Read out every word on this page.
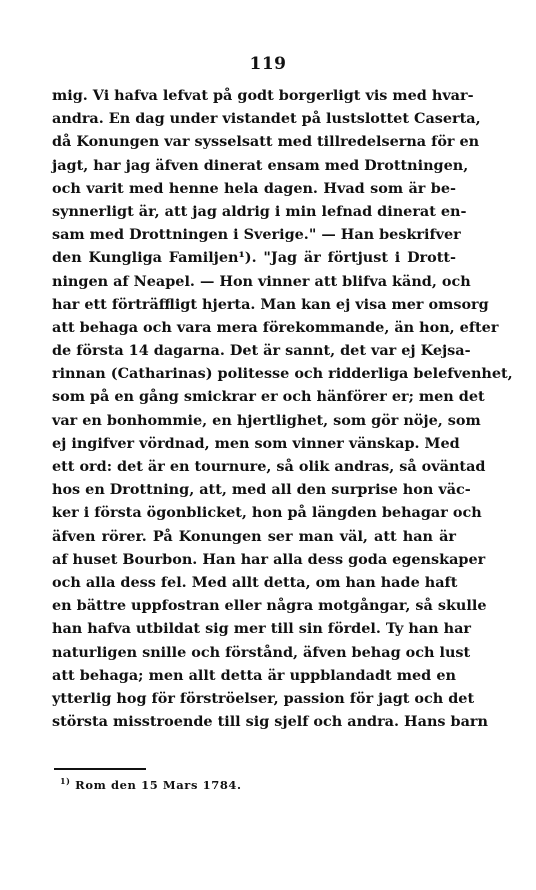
119
mig. Vi hafva lefvat på godt borgerligt vis med hvar-
andra. En dag under vistandet på lustslottet Caserta,
då Konungen var sysselsatt med tillredelserna för en
jagt, har jag äfven dinerat ensam med Drottningen,
och varit med henne hela dagen. Hvad som är be-
synnerligt är, att jag aldrig i min lefnad dinerat en-
sam med Drottningen i Sverige." — Han beskrifver
den Kungliga Familjen¹). "Jag är förtjust i Drott-
ningen af Neapel. — Hon vinner att blifva känd, och
har ett förträffligt hjerta. Man kan ej visa mer omsorg
att behaga och vara mera förekommande, än hon, efter
de första 14 dagarna. Det är sannt, det var ej Kejsa-
rinnan (Catharinas) politesse och ridderliga belefvenhet,
som på en gång smickrar er och hänförer er; men det
var en bonhommie, en hjertlighet, som gör nöje, som
ej ingifver vördnad, men som vinner vänskap. Med
ett ord: det är en tournure, så olik andras, så oväntad
hos en Drottning, att, med all den surprise hon väc-
ker i första ögonblicket, hon på längden behagar och
äfven rörer. På Konungen ser man väl, att han är
af huset Bourbon. Han har alla dess goda egenskaper
och alla dess fel. Med allt detta, om han hade haft
en bättre uppfostran eller några motgångar, så skulle
han hafva utbildat sig mer till sin fördel. Ty han har
naturligen snille och förstånd, äfven behag och lust
att behaga; men allt detta är uppblandadt med en
ytterlig hog för förströelser, passion för jagt och det
största misstroende till sig sjelf och andra. Hans barn
$^{1)}$ Rom den 15 Mars 1784.
